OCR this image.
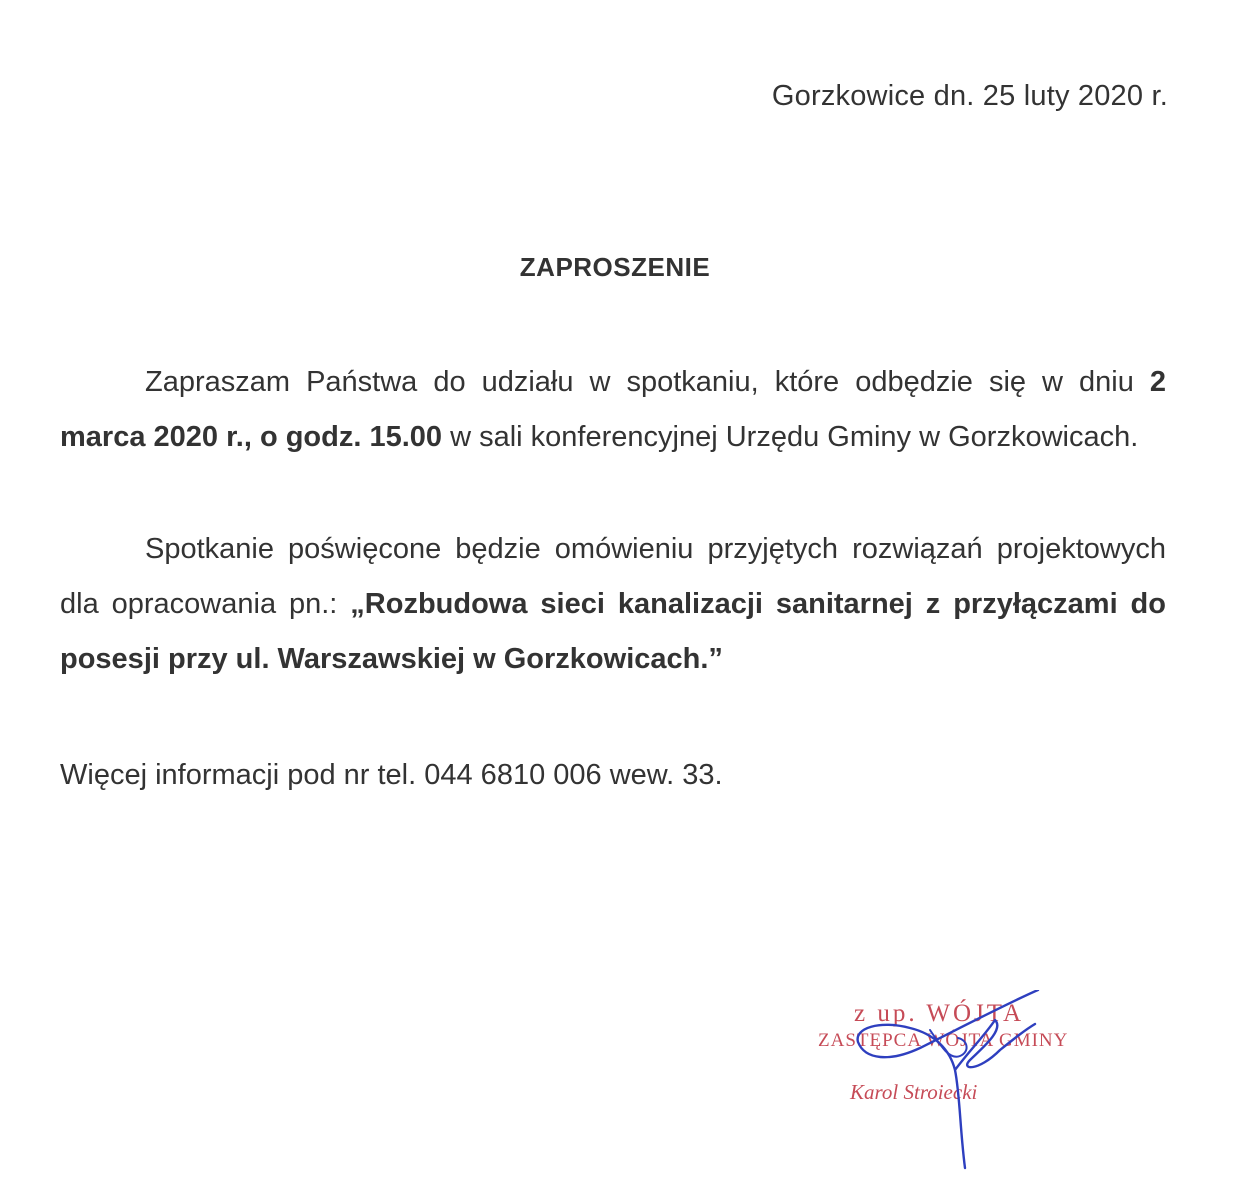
Gorzkowice dn. 25 luty 2020 r.
ZAPROSZENIE

Zapraszam Państwa do udziału w spotkaniu, które odbędzie się w dniu 2 marca 2020 r., o godz. 15.00 w sali konferencyjnej Urzędu Gminy w Gorzkowicach.

Spotkanie poświęcone będzie omówieniu przyjętych rozwiązań projektowych dla opracowania pn.: „Rozbudowa sieci kanalizacji sanitarnej z przyłączami do posesji przy ul. Warszawskiej w Gorzkowicach.”

Więcej informacji pod nr tel. 044 6810 006 wew. 33.

z up. WÓJTA
ZASTĘPCA WÓJTA GMINY
Karol Stroiecki
